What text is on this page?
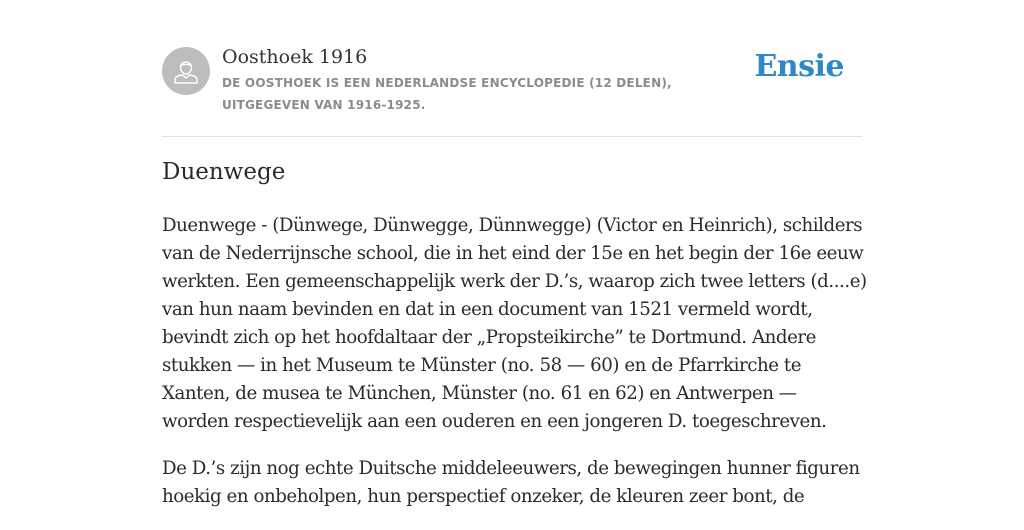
Oosthoek 1916
DE OOSTHOEK IS EEN NEDERLANDSE ENCYCLOPEDIE (12 DELEN), UITGEGEVEN VAN 1916-1925.
Ensie
Duenwege

Duenwege - (Dünwege, Dünwegge, Dünnwegge) (Victor en Heinrich), schilders van de Nederrijnsche school, die in het eind der 15e en het begin der 16e eeuw werkten. Een gemeenschappelijk werk der D.’s, waarop zich twee letters (d....e) van hun naam bevinden en dat in een document van 1521 vermeld wordt, bevindt zich op het hoofdaltaar der „Propsteikirche” te Dortmund. Andere stukken — in het Museum te Münster (no. 58 — 60) en de Pfarrkirche te Xanten, de musea te München, Münster (no. 61 en 62) en Antwerpen — worden respectievelijk aan een ouderen en een jongeren D. toegeschreven.

De D.’s zijn nog echte Duitsche middeleeuwers, de bewegingen hunner figuren hoekig en onbeholpen, hun perspectief onzeker, de kleuren zeer bont, de
